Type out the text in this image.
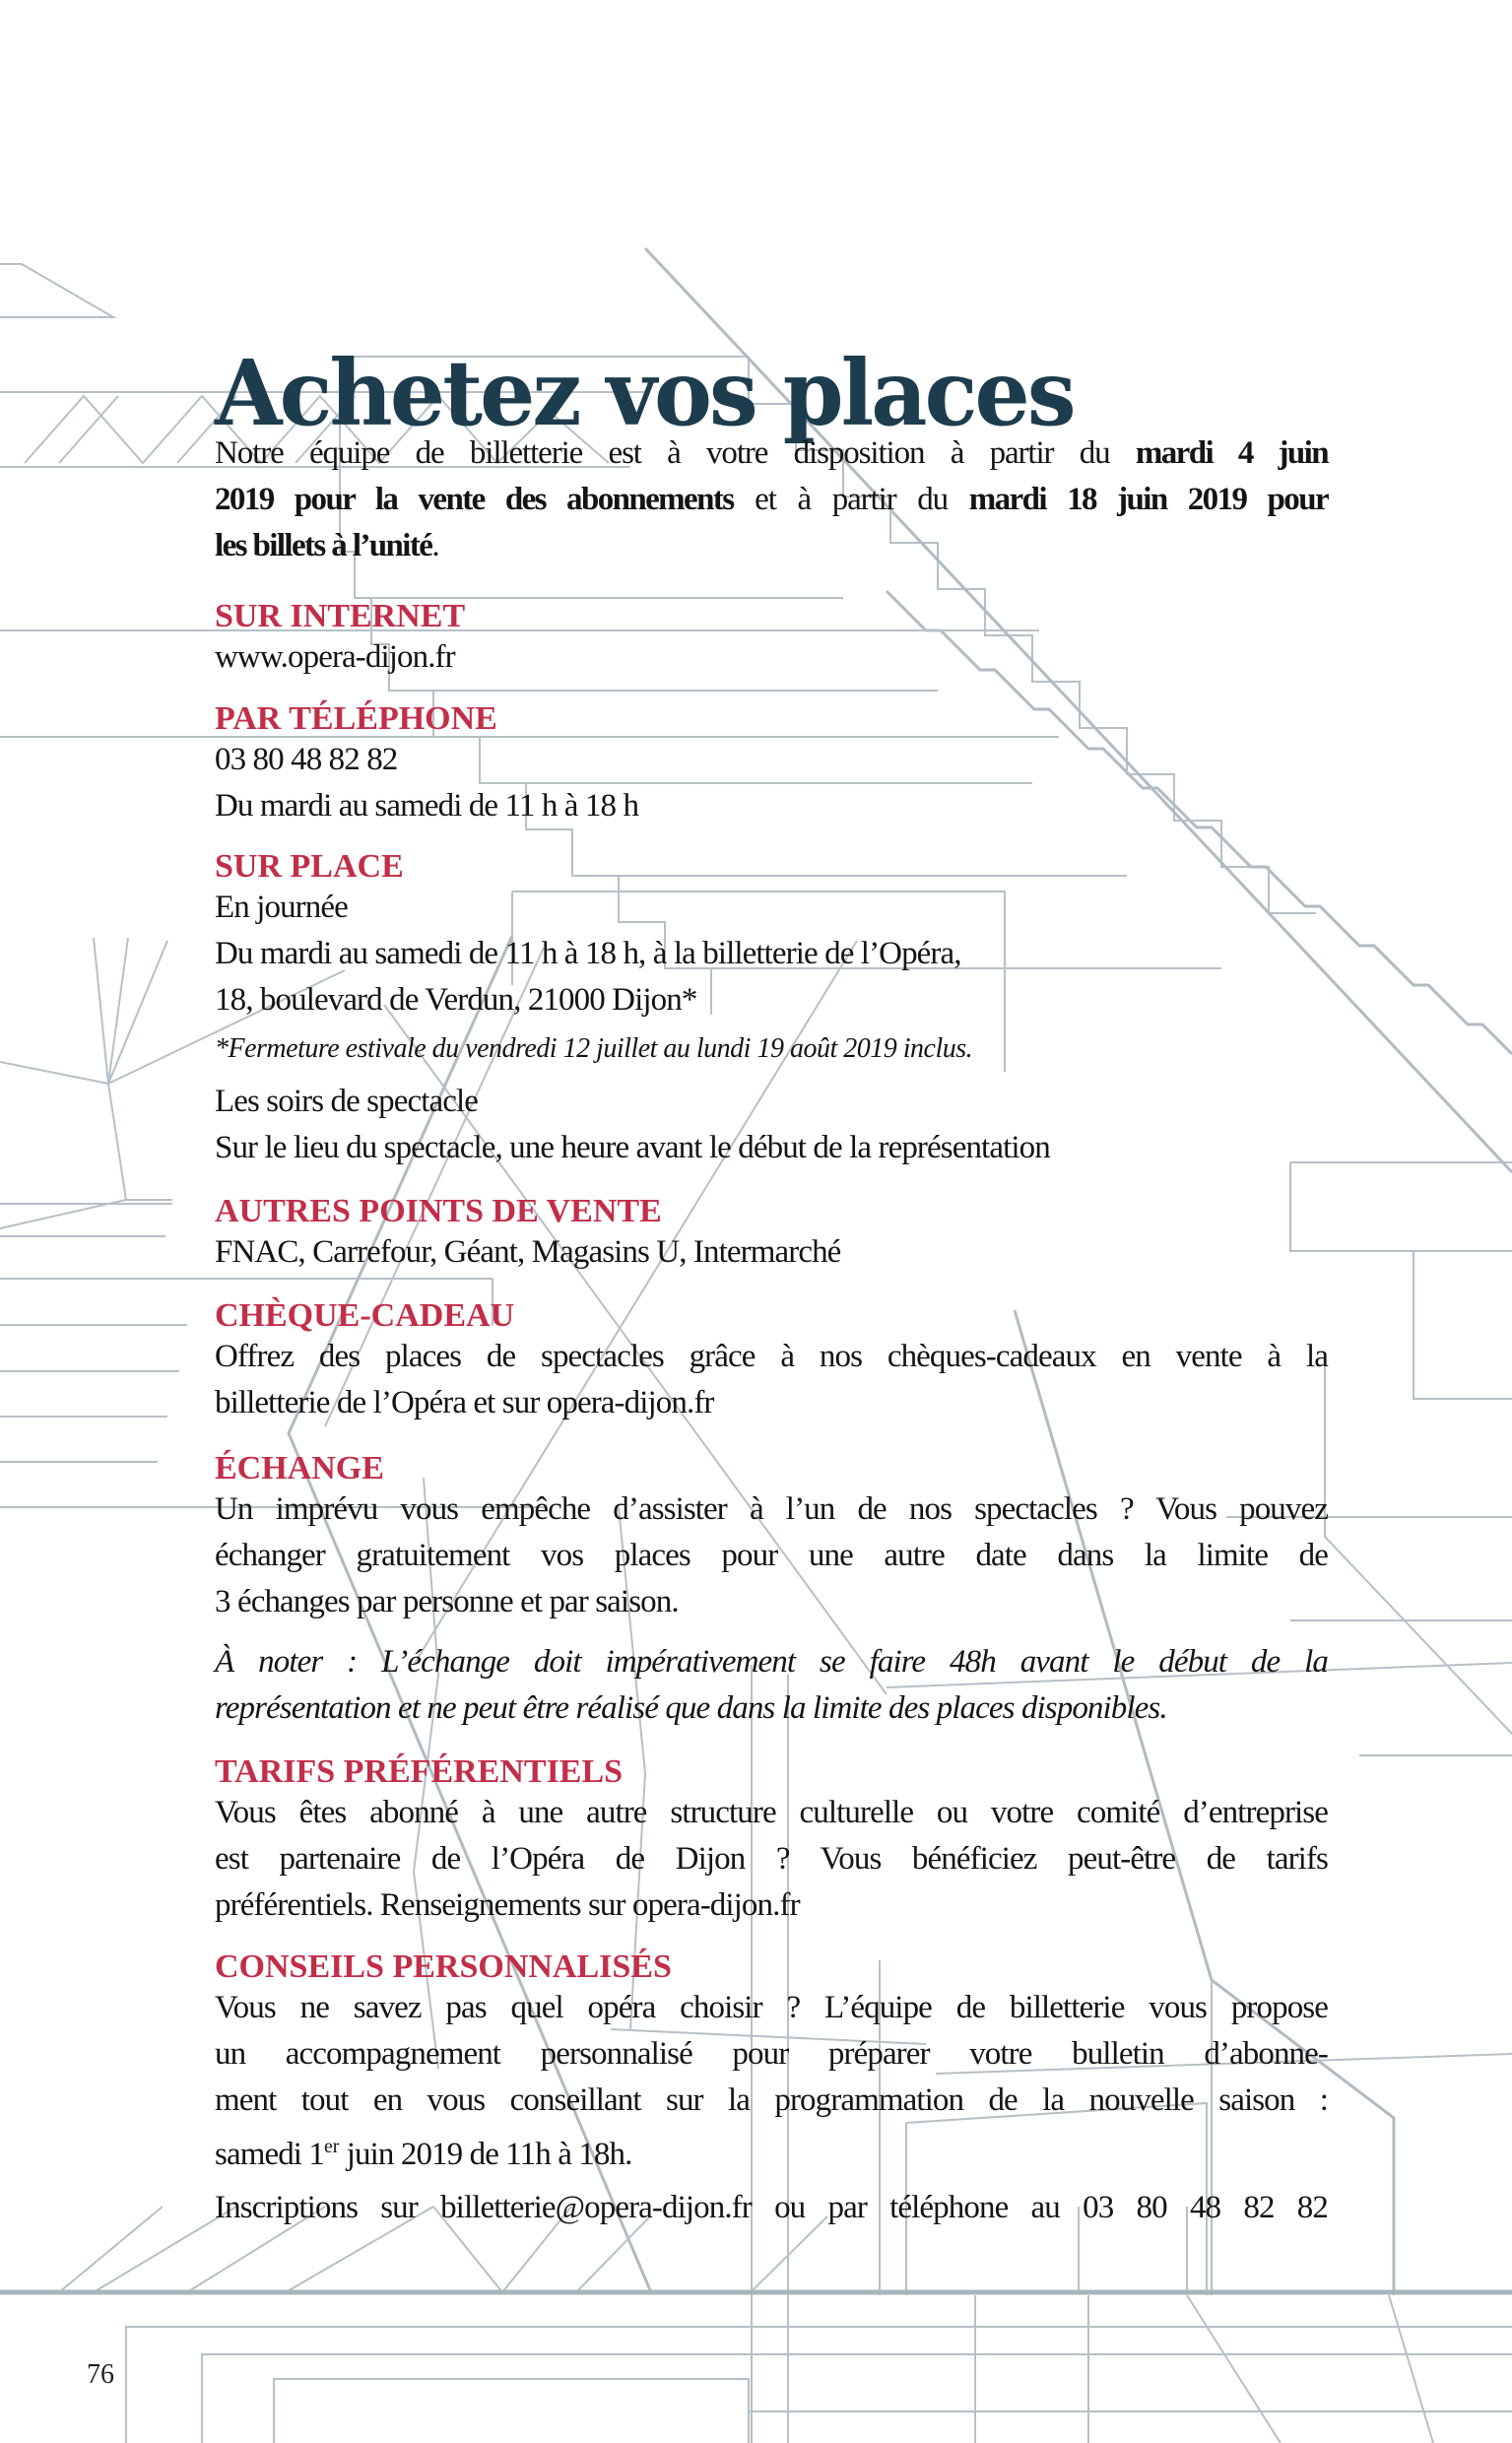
Achetez vos places
Notre équipe de billetterie est à votre disposition à partir du mardi 4 juin
2019 pour la vente des abonnements et à partir du mardi 18 juin 2019 pour
les billets à l’unité.
SUR INTERNET
www.opera-dijon.fr
PAR TÉLÉPHONE
03 80 48 82 82
Du mardi au samedi de 11 h à 18 h
SUR PLACE
En journée
Du mardi au samedi de 11 h à 18 h, à la billetterie de l’Opéra,
18, boulevard de Verdun, 21000 Dijon*
*Fermeture estivale du vendredi 12 juillet au lundi 19 août 2019 inclus.
Les soirs de spectacle
Sur le lieu du spectacle, une heure avant le début de la représentation
AUTRES POINTS DE VENTE
FNAC, Carrefour, Géant, Magasins U, Intermarché
CHÈQUE-CADEAU
Offrez des places de spectacles grâce à nos chèques-cadeaux en vente à la
billetterie de l’Opéra et sur opera-dijon.fr
ÉCHANGE
Un imprévu vous empêche d’assister à l’un de nos spectacles ? Vous pouvez
échanger gratuitement vos places pour une autre date dans la limite de
3 échanges par personne et par saison.
À noter : L’échange doit impérativement se faire 48h avant le début de la
représentation et ne peut être réalisé que dans la limite des places disponibles.
TARIFS PRÉFÉRENTIELS
Vous êtes abonné à une autre structure culturelle ou votre comité d’entreprise
est partenaire de l’Opéra de Dijon ? Vous bénéficiez peut-être de tarifs
préférentiels. Renseignements sur opera-dijon.fr
CONSEILS PERSONNALISÉS
Vous ne savez pas quel opéra choisir ? L’équipe de billetterie vous propose
un accompagnement personnalisé pour préparer votre bulletin d’abonne-
ment tout en vous conseillant sur la programmation de la nouvelle saison :
samedi 1er juin 2019 de 11h à 18h.
Inscriptions sur billetterie@opera-dijon.fr ou par téléphone au 03 80 48 82 82
76
